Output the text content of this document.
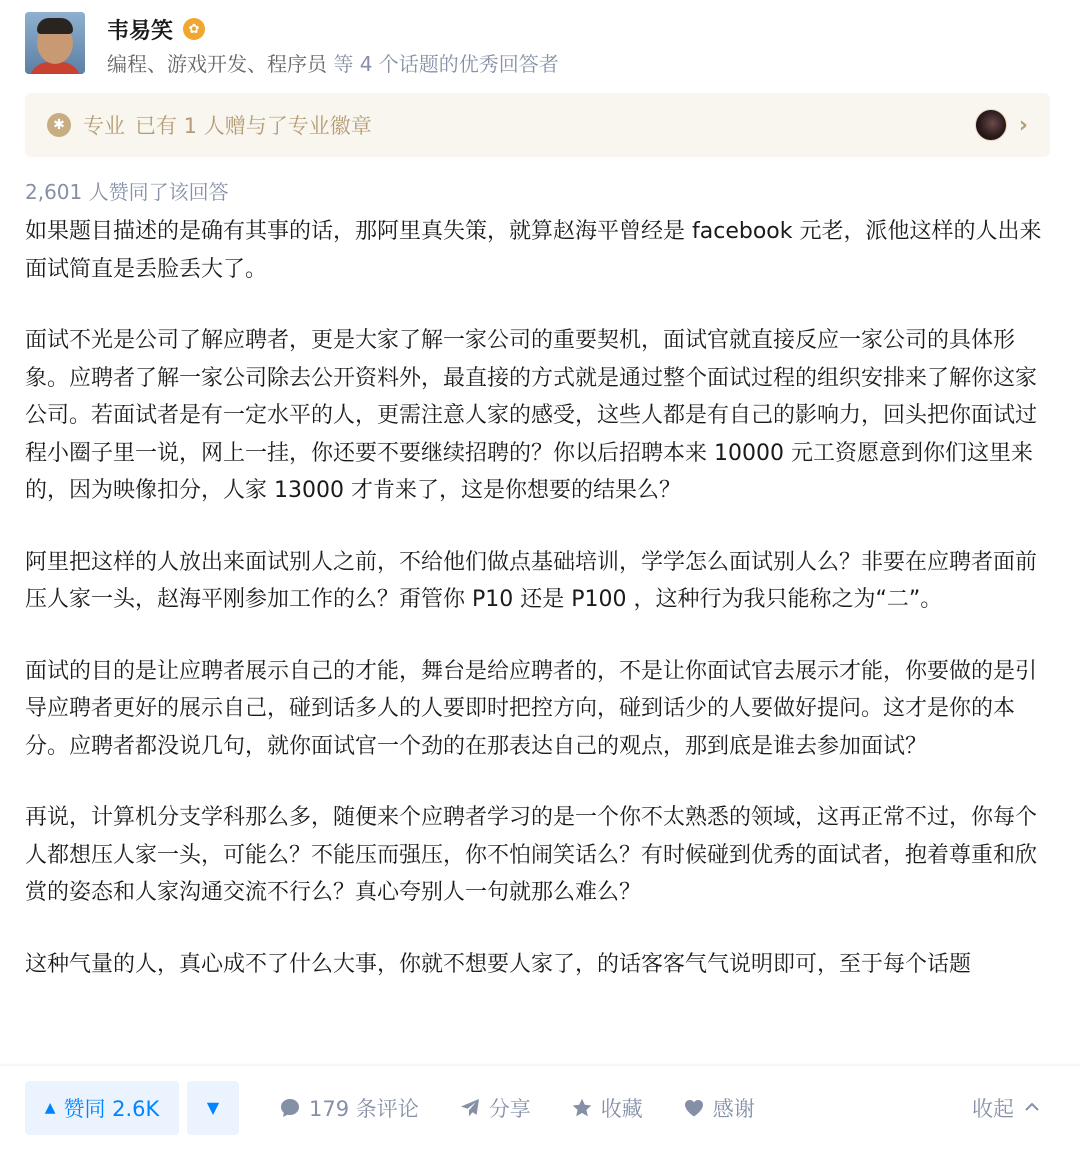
韦易笑	✿
编程、游戏开发、程序员 等 4 个话题的优秀回答者
✱ 专业 已有 1 人赠与了专业徽章	›
2,601 人赞同了该回答

如果题目描述的是确有其事的话，那阿里真失策，就算赵海平曾经是 facebook 元老，派他这样的人出来面试简直是丢脸丢大了。

面试不光是公司了解应聘者，更是大家了解一家公司的重要契机，面试官就直接反应一家公司的具体形象。应聘者了解一家公司除去公开资料外，最直接的方式就是通过整个面试过程的组织安排来了解你这家公司。若面试者是有一定水平的人，更需注意人家的感受，这些人都是有自己的影响力，回头把你面试过程小圈子里一说，网上一挂，你还要不要继续招聘的？你以后招聘本来 10000 元工资愿意到你们这里来的，因为映像扣分，人家 13000 才肯来了，这是你想要的结果么？

阿里把这样的人放出来面试别人之前，不给他们做点基础培训，学学怎么面试别人么？非要在应聘者面前压人家一头，赵海平刚参加工作的么？甭管你 P10 还是 P100 ，这种行为我只能称之为“二”。

面试的目的是让应聘者展示自己的才能，舞台是给应聘者的，不是让你面试官去展示才能，你要做的是引导应聘者更好的展示自己，碰到话多人的人要即时把控方向，碰到话少的人要做好提问。这才是你的本分。应聘者都没说几句，就你面试官一个劲的在那表达自己的观点，那到底是谁去参加面试？

再说，计算机分支学科那么多，随便来个应聘者学习的是一个你不太熟悉的领域，这再正常不过，你每个人都想压人家一头，可能么？不能压而强压，你不怕闹笑话么？有时候碰到优秀的面试者，抱着尊重和欣赏的姿态和人家沟通交流不行么？真心夸别人一句就那么难么？

这种气量的人，真心成不了什么大事，你就不想要人家了，的话客客气气说明即可，至于每个话题

▲ 赞同 2.6K	▼	179 条评论	分享	收藏	感谢	收起
